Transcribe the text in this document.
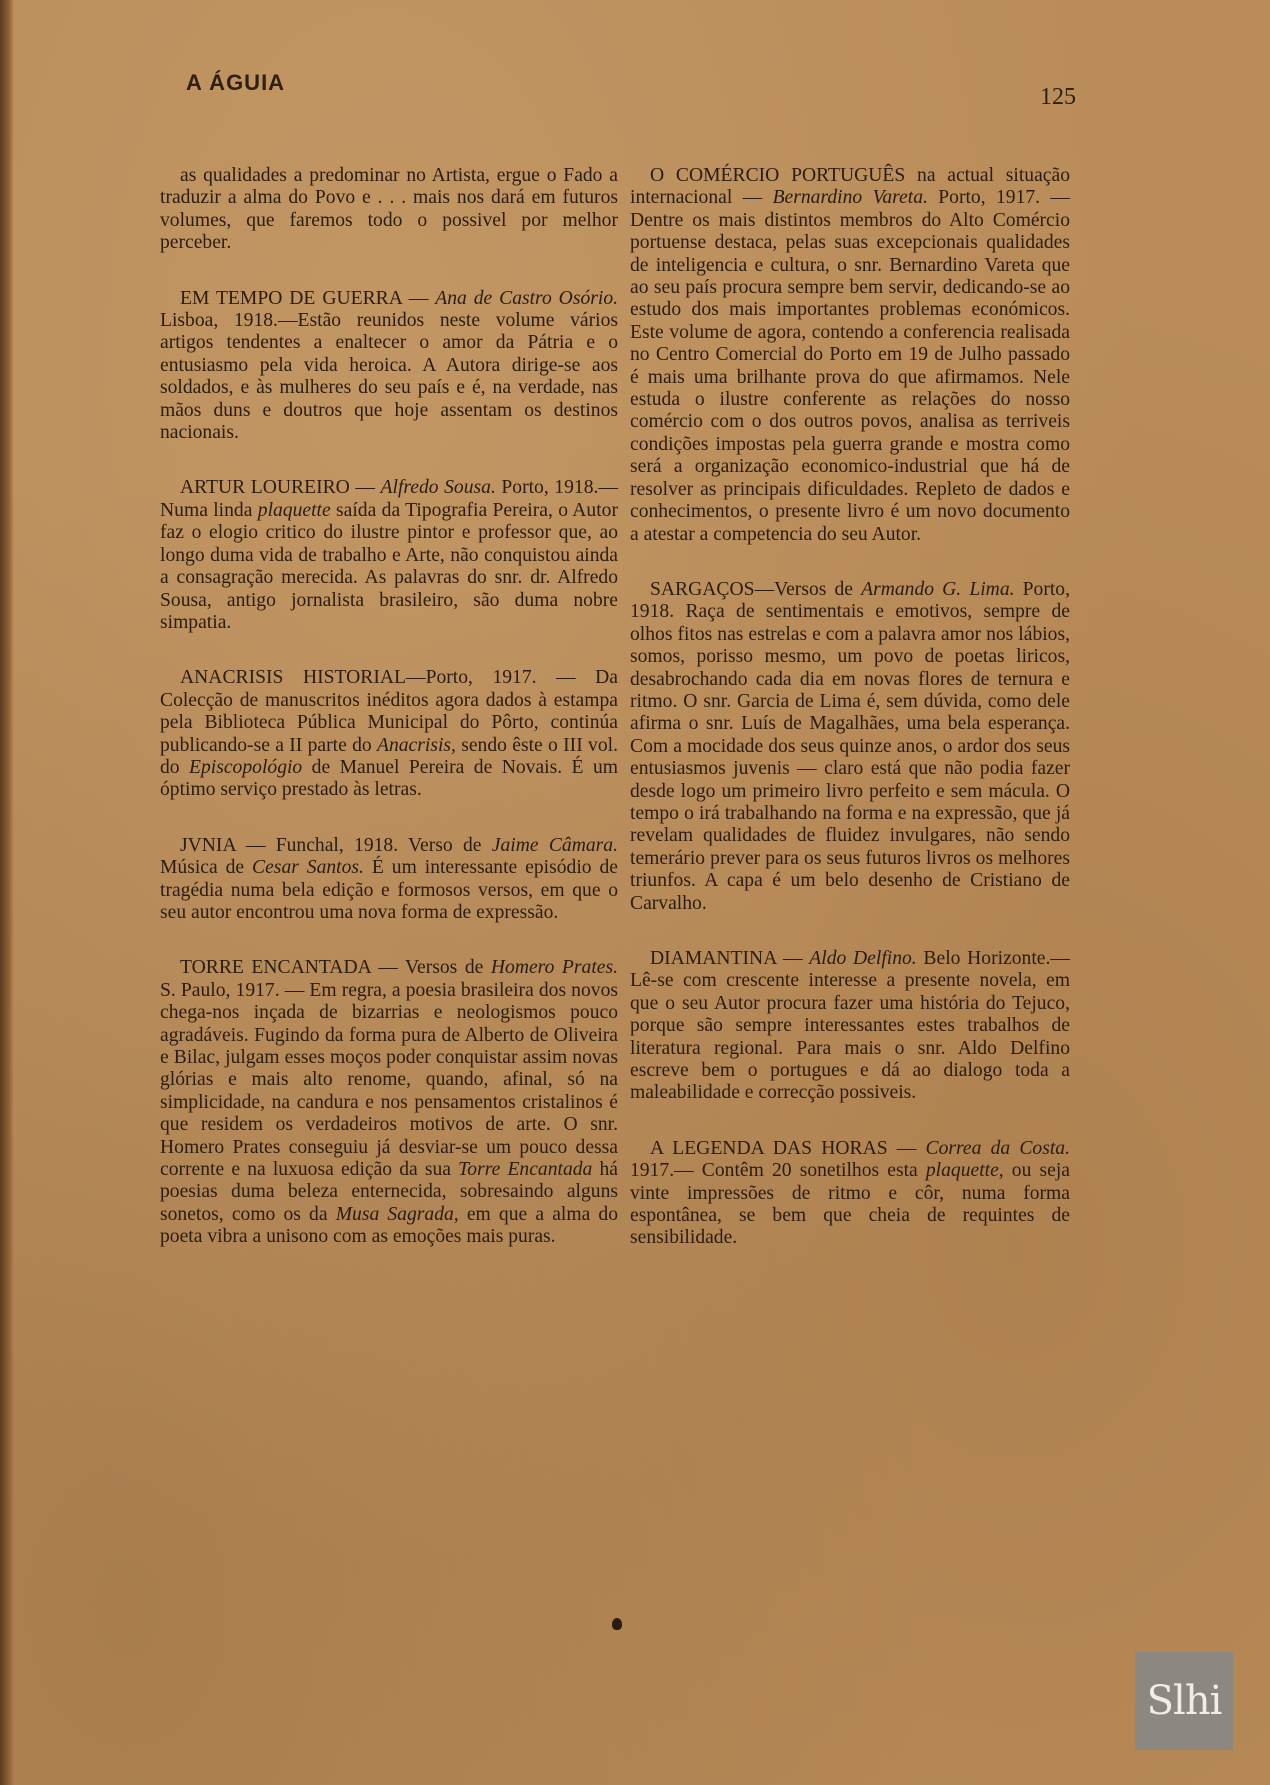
A ÁGUIA
125

as qualidades a predominar no Artista, ergue o Fado a traduzir a alma do Povo e . . . mais nos dará em futuros volumes, que faremos todo o possivel por melhor perceber.

EM TEMPO DE GUERRA — Ana de Castro Osório. Lisboa, 1918.—Estão reunidos neste volume vários artigos tendentes a enaltecer o amor da Pátria e o entusiasmo pela vida heroica. A Autora dirige-se aos soldados, e às mulheres do seu país e é, na verdade, nas mãos duns e doutros que hoje assentam os destinos nacionais.

ARTUR LOUREIRO — Alfredo Sousa. Porto, 1918.— Numa linda plaquette saída da Tipografia Pereira, o Autor faz o elogio critico do ilustre pintor e professor que, ao longo duma vida de trabalho e Arte, não conquistou ainda a consagração merecida. As palavras do snr. dr. Alfredo Sousa, antigo jornalista brasileiro, são duma nobre simpatia.

ANACRISIS HISTORIAL—Porto, 1917. — Da Colecção de manuscritos inéditos agora dados à estampa pela Biblioteca Pública Municipal do Pôrto, continúa publicando-se a II parte do Anacrisis, sendo êste o III vol. do Episcopológio de Manuel Pereira de Novais. É um óptimo serviço prestado às letras.

JVNIA — Funchal, 1918. Verso de Jaime Câmara. Música de Cesar Santos. É um interessante episódio de tragédia numa bela edição e formosos versos, em que o seu autor encontrou uma nova forma de expressão.

TORRE ENCANTADA — Versos de Homero Prates. S. Paulo, 1917. — Em regra, a poesia brasileira dos novos chega-nos inçada de bizarrias e neologismos pouco agradáveis. Fugindo da forma pura de Alberto de Oliveira e Bilac, julgam esses moços poder conquistar assim novas glórias e mais alto renome, quando, afinal, só na simplicidade, na candura e nos pensamentos cristalinos é que residem os verdadeiros motivos de arte. O snr. Homero Prates conseguiu já desviar-se um pouco dessa corrente e na luxuosa edição da sua Torre Encantada há poesias duma beleza enternecida, sobresaindo alguns sonetos, como os da Musa Sagrada, em que a alma do poeta vibra a unisono com as emoções mais puras.

O COMÉRCIO PORTUGUÊS na actual situação internacional — Bernardino Vareta. Porto, 1917. —Dentre os mais distintos membros do Alto Comércio portuense destaca, pelas suas excepcionais qualidades de inteligencia e cultura, o snr. Bernardino Vareta que ao seu país procura sempre bem servir, dedicando-se ao estudo dos mais importantes problemas económicos. Este volume de agora, contendo a conferencia realisada no Centro Comercial do Porto em 19 de Julho passado é mais uma brilhante prova do que afirmamos. Nele estuda o ilustre conferente as relações do nosso comércio com o dos outros povos, analisa as terriveis condições impostas pela guerra grande e mostra como será a organização economico-industrial que há de resolver as principais dificuldades. Repleto de dados e conhecimentos, o presente livro é um novo documento a atestar a competencia do seu Autor.

SARGAÇOS—Versos de Armando G. Lima. Porto, 1918. Raça de sentimentais e emotivos, sempre de olhos fitos nas estrelas e com a palavra amor nos lábios, somos, porisso mesmo, um povo de poetas liricos, desabrochando cada dia em novas flores de ternura e ritmo. O snr. Garcia de Lima é, sem dúvida, como dele afirma o snr. Luís de Magalhães, uma bela esperança. Com a mocidade dos seus quinze anos, o ardor dos seus entusiasmos juvenis — claro está que não podia fazer desde logo um primeiro livro perfeito e sem mácula. O tempo o irá trabalhando na forma e na expressão, que já revelam qualidades de fluidez invulgares, não sendo temerário prever para os seus futuros livros os melhores triunfos. A capa é um belo desenho de Cristiano de Carvalho.

DIAMANTINA — Aldo Delfino. Belo Horizonte.—Lê-se com crescente interesse a presente novela, em que o seu Autor procura fazer uma história do Tejuco, porque são sempre interessantes estes trabalhos de literatura regional. Para mais o snr. Aldo Delfino escreve bem o portugues e dá ao dialogo toda a maleabilidade e correcção possiveis.

A LEGENDA DAS HORAS — Correa da Costa. 1917.— Contêm 20 sonetilhos esta plaquette, ou seja vinte impressões de ritmo e côr, numa forma espontânea, se bem que cheia de requintes de sensibilidade.

Slhi
